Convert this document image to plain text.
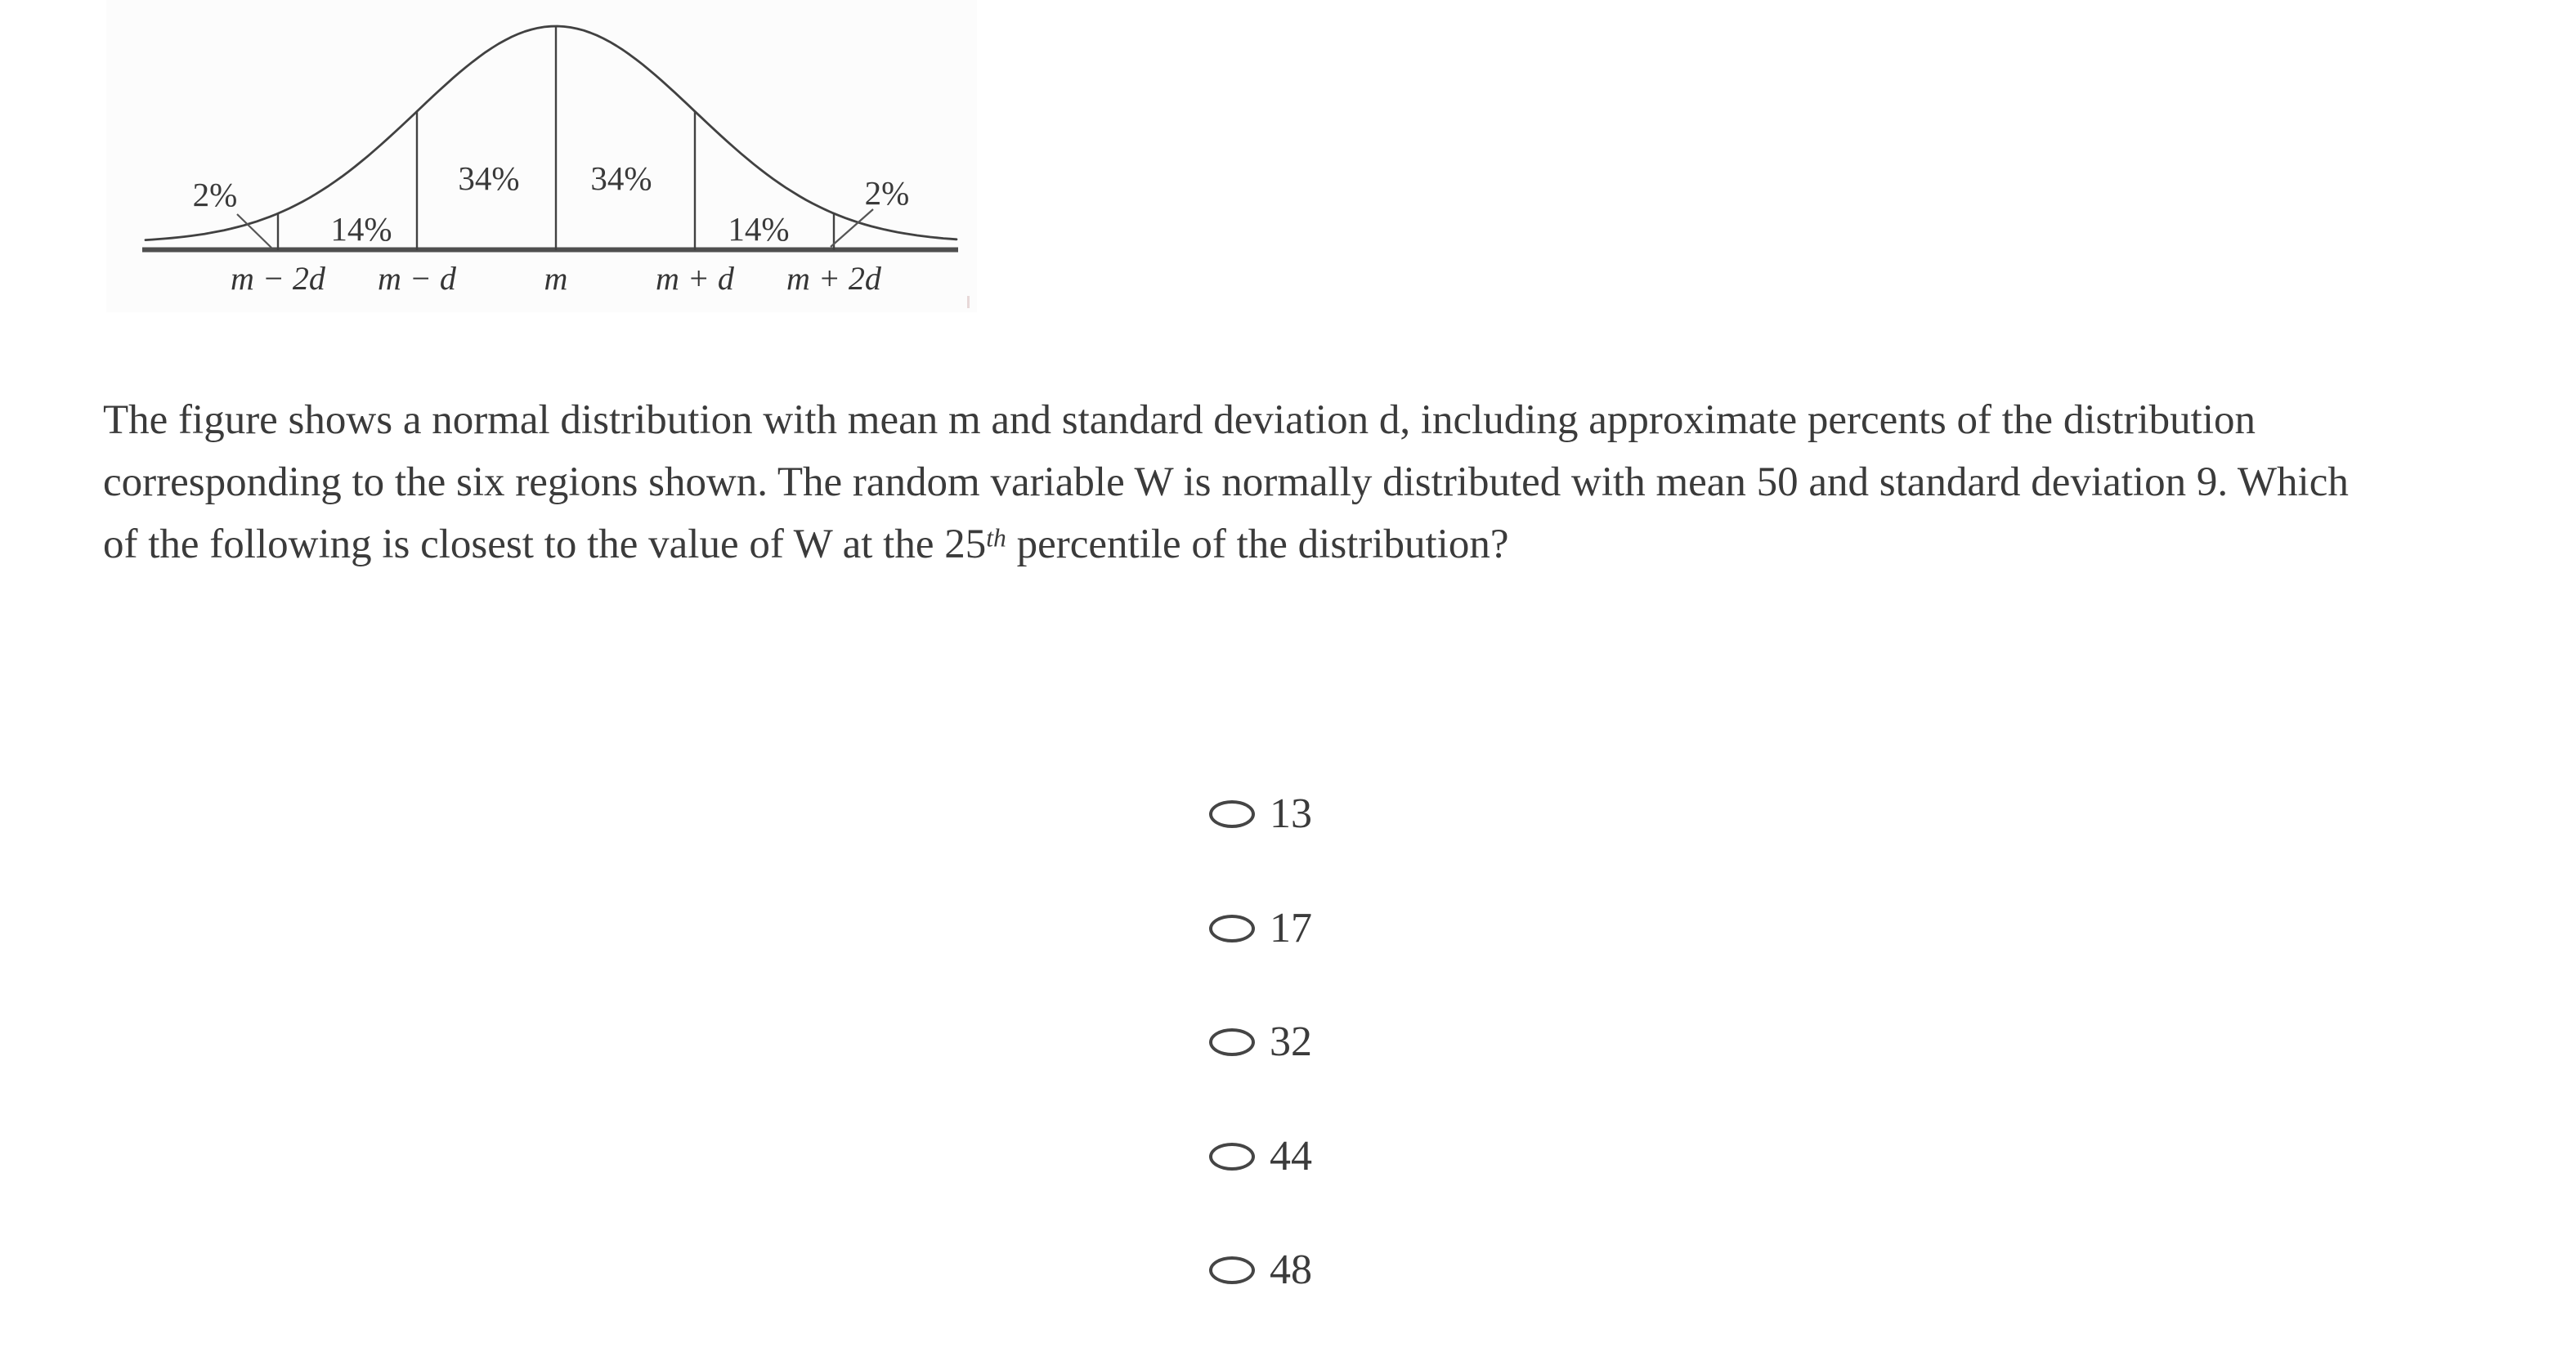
2%
14%
34% 34%
14%
2%
m − 2d m − d	m	m + d m + 2d
The figure shows a normal distribution with mean m and standard deviation d, including approximate percents of the distribution
corresponding to the six regions shown. The random variable W is normally distributed with mean 50 and standard deviation 9. Which
of the following is closest to the value of W at the 25th percentile of the distribution?
13
17
32
44
48
